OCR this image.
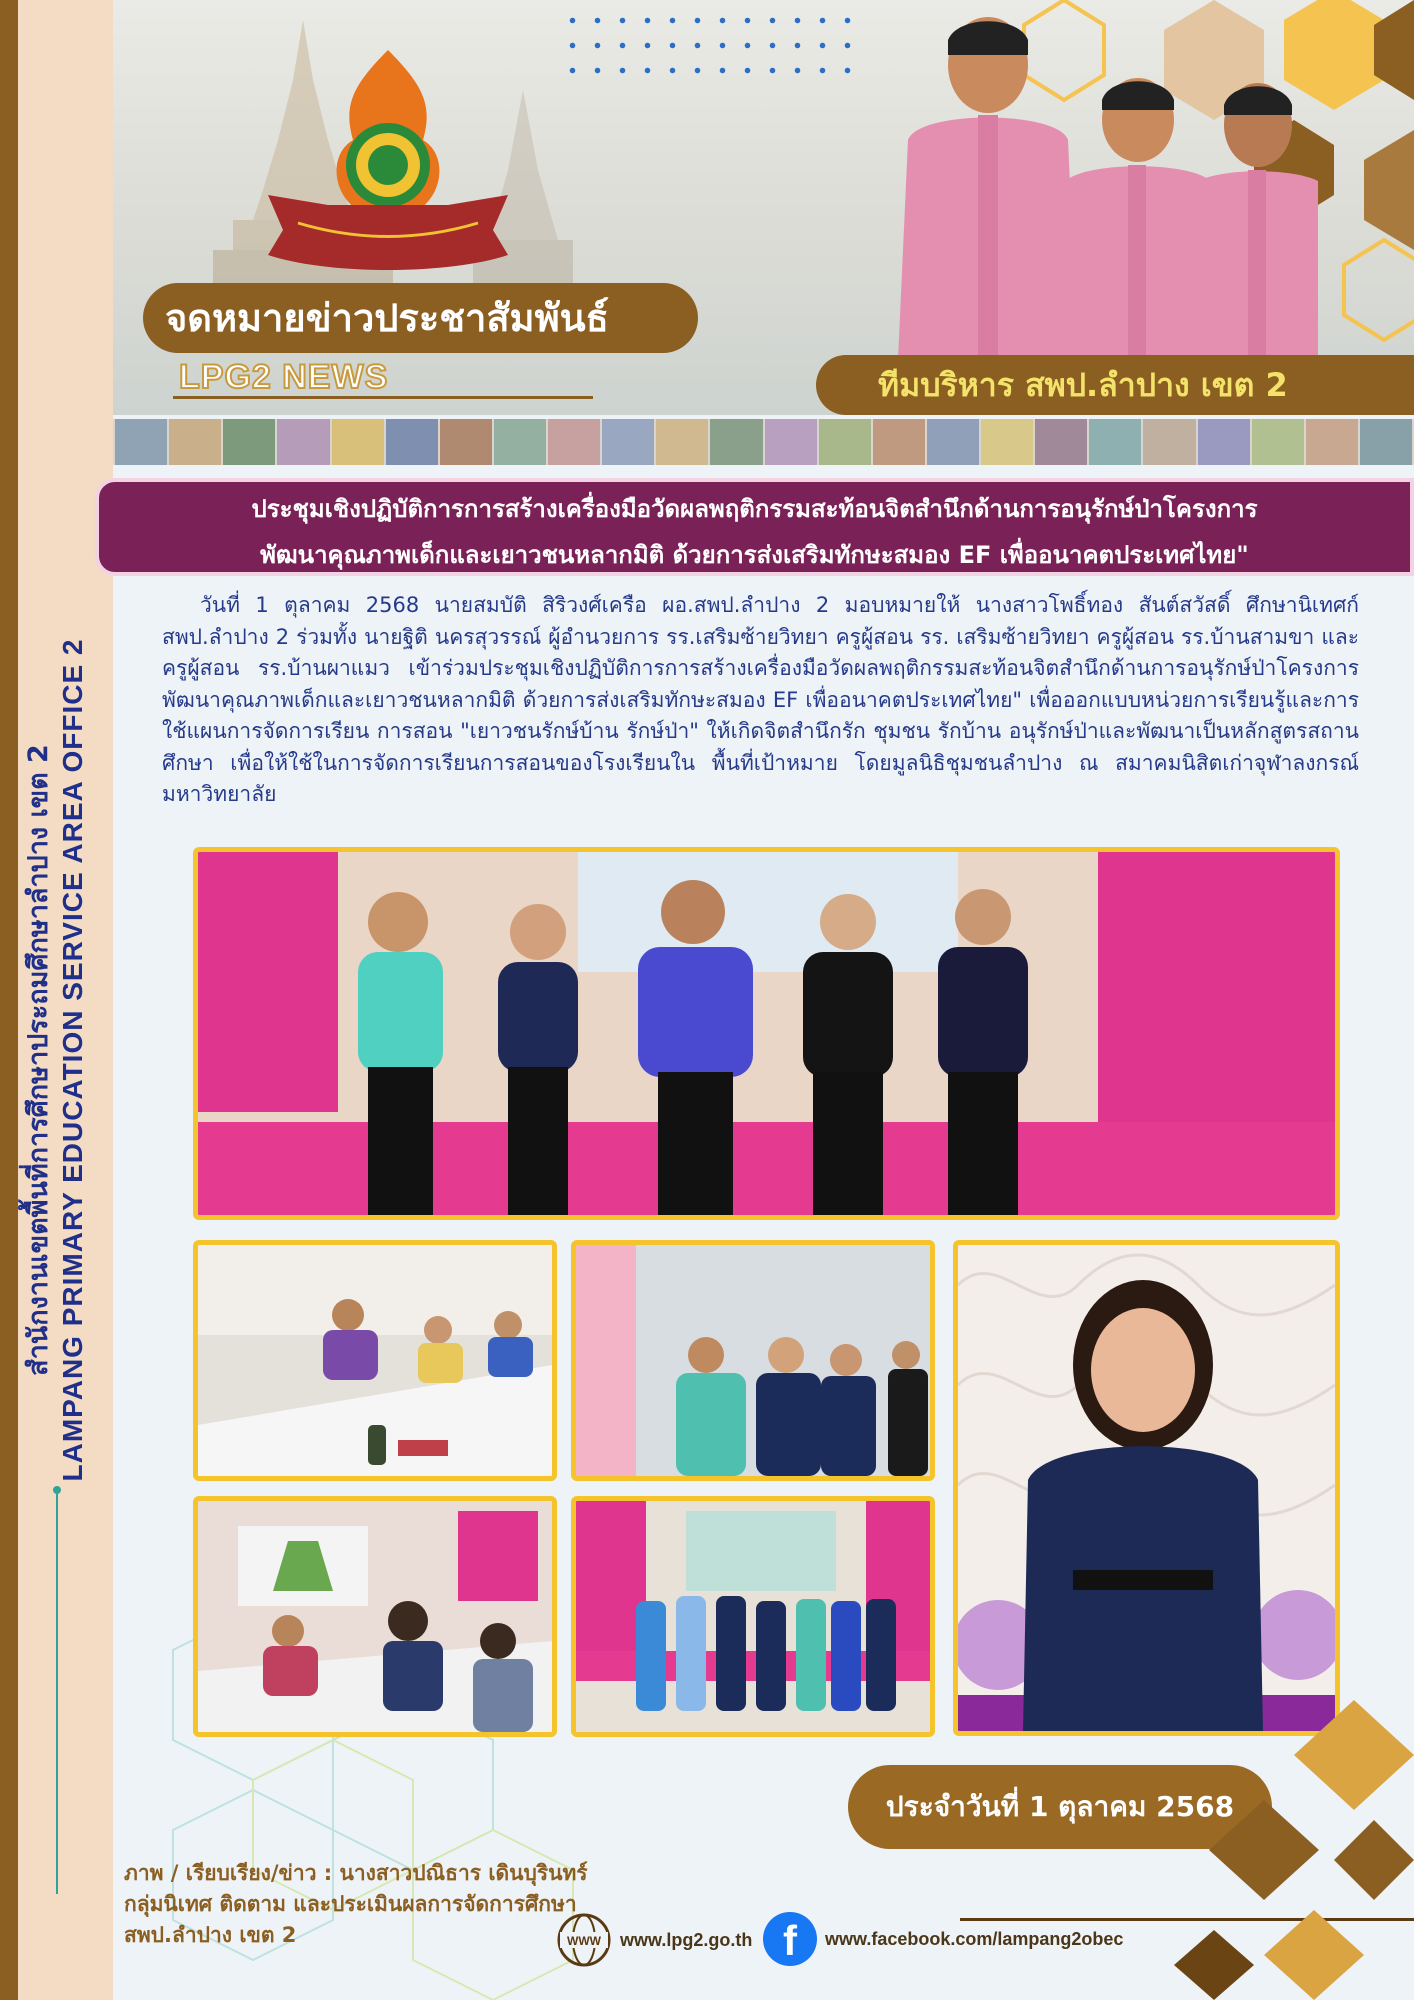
สำนักงานเขตพื้นที่การศึกษาประถมศึกษาลำปาง เขต 2 LAMPANG PRIMARY EDUCATION SERVICE AREA OFFICE 2
จดหมายข่าวประชาสัมพันธ์
LPG2 NEWS	ทีมบริหาร สพป.ลำปาง เขต 2

ประชุมเชิงปฏิบัติการการสร้างเครื่องมือวัดผลพฤติกรรมสะท้อนจิตสำนึกด้านการอนุรักษ์ป่าโครงการ

พัฒนาคุณภาพเด็กและเยาวชนหลากมิติ ด้วยการส่งเสริมทักษะสมอง EF เพื่ออนาคตประเทศไทย"

วันที่ 1 ตุลาคม 2568 นายสมบัติ สิริวงศ์เครือ ผอ.สพป.ลำปาง 2 มอบหมายให้ นางสาวโพธิ์ทอง สันต์สวัสดิ์ ศึกษานิเทศก์ สพป.ลำปาง 2 ร่วมทั้ง นายฐิติ นครสุวรรณ์ ผู้อำนวยการ รร.เสริมซ้ายวิทยา ครูผู้สอน รร. เสริมซ้ายวิทยา ครูผู้สอน รร.บ้านสามขา และ ครูผู้สอน รร.บ้านผาแมว เข้าร่วมประชุมเชิงปฏิบัติการการสร้างเครื่องมือวัดผลพฤติกรรมสะท้อนจิตสำนึกด้านการอนุรักษ์ป่าโครงการพัฒนาคุณภาพเด็กและเยาวชนหลากมิติ ด้วยการส่งเสริมทักษะสมอง EF เพื่ออนาคตประเทศไทย" เพื่อออกแบบหน่วยการเรียนรู้และการใช้แผนการจัดการเรียน การสอน "เยาวชนรักษ์บ้าน รักษ์ป่า" ให้เกิดจิตสำนึกรัก ชุมชน รักบ้าน อนุรักษ์ป่าและพัฒนาเป็นหลักสูตรสถานศึกษา เพื่อให้ใช้ในการจัดการเรียนการสอนของโรงเรียนใน พื้นที่เป้าหมาย โดยมูลนิธิชุมชนลำปาง ณ สมาคมนิสิตเก่าจุฬาลงกรณ์มหาวิทยาลัย

ประจำวันที่ 1 ตุลาคม 2568
ภาพ / เรียบเรียง/ข่าว : นางสาวปณิธาร เดินบุรินทร์
กลุ่มนิเทศ ติดตาม และประเมินผลการจัดการศึกษา
สพป.ลำปาง เขต 2	WWW www.lpg2.go.th f	www.facebook.com/lampang2obec
